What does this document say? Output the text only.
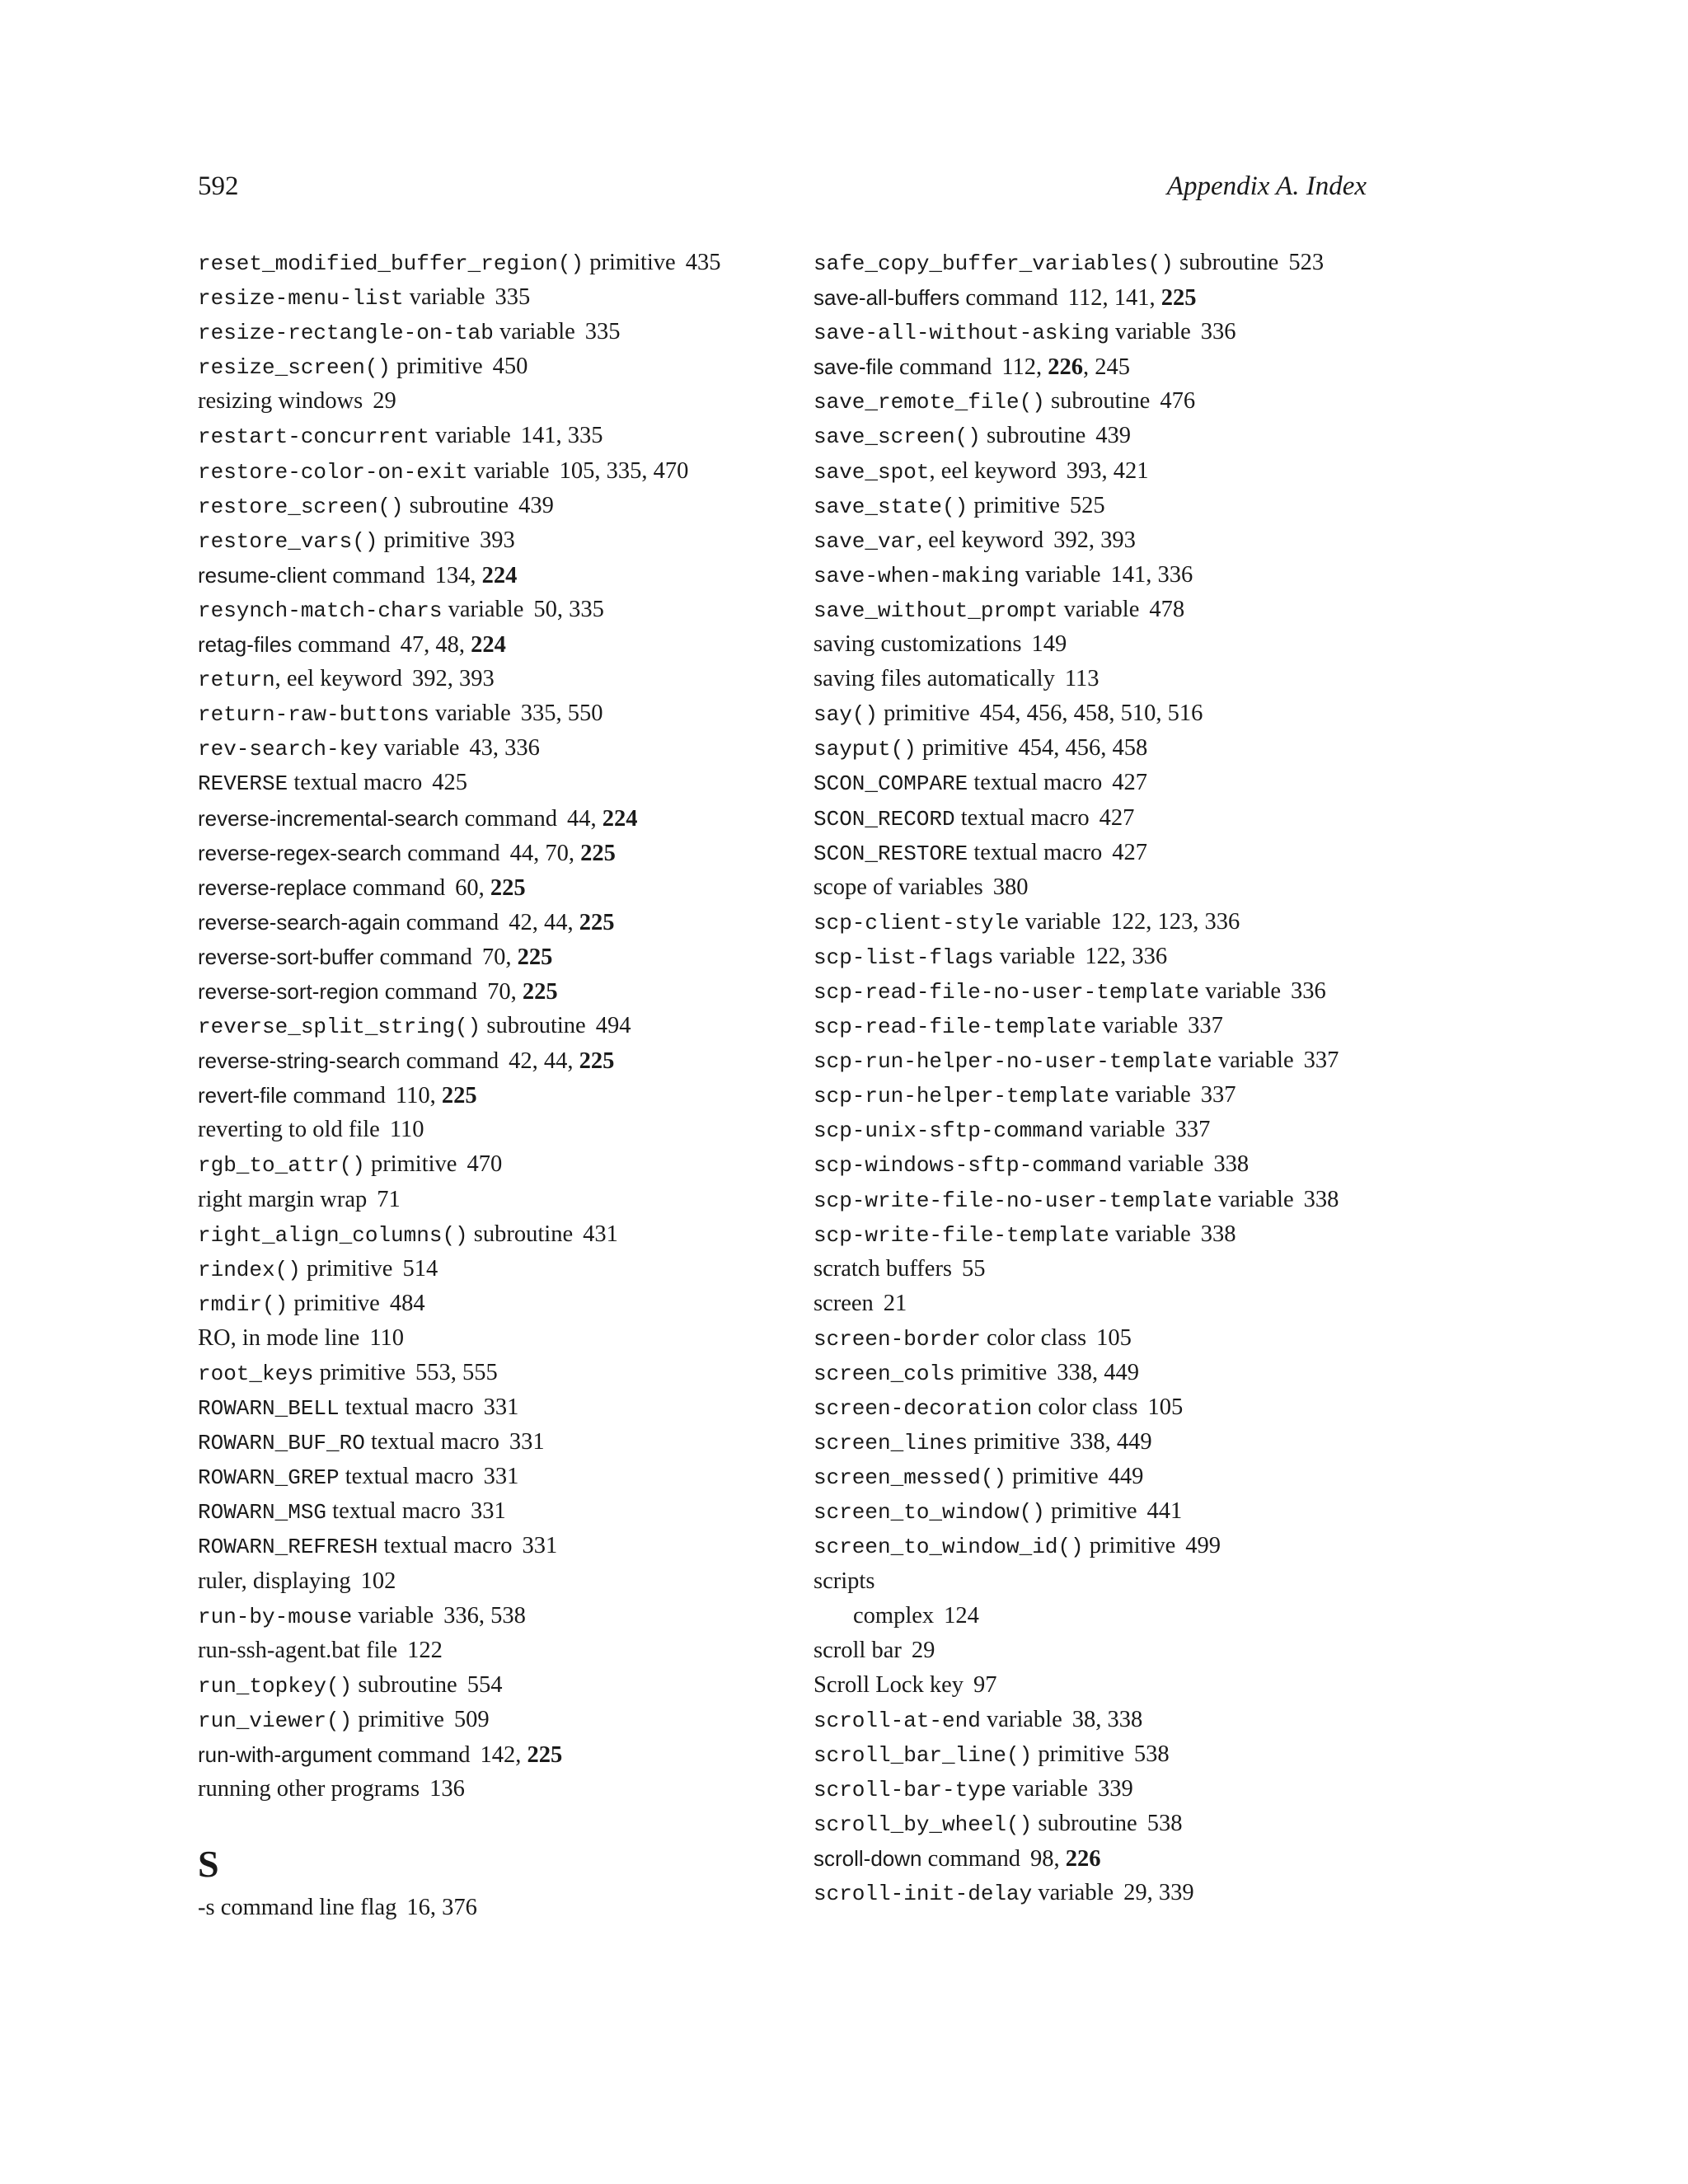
592	Appendix A. Index
reset_modified_buffer_region() primitive 435
resize-menu-list variable 335
resize-rectangle-on-tab variable 335
resize_screen() primitive 450
resizing windows 29
restart-concurrent variable 141, 335
restore-color-on-exit variable 105, 335, 470
restore_screen() subroutine 439
restore_vars() primitive 393
resume-client command 134, 224
resynch-match-chars variable 50, 335
retag-files command 47, 48, 224
return, eel keyword 392, 393
return-raw-buttons variable 335, 550
rev-search-key variable 43, 336
REVERSE textual macro 425
reverse-incremental-search command 44, 224
reverse-regex-search command 44, 70, 225
reverse-replace command 60, 225
reverse-search-again command 42, 44, 225
reverse-sort-buffer command 70, 225
reverse-sort-region command 70, 225
reverse_split_string() subroutine 494
reverse-string-search command 42, 44, 225
revert-file command 110, 225
reverting to old file 110
rgb_to_attr() primitive 470
right margin wrap 71
right_align_columns() subroutine 431
rindex() primitive 514
rmdir() primitive 484
RO, in mode line 110
root_keys primitive 553, 555
ROWARN_BELL textual macro 331
ROWARN_BUF_RO textual macro 331
ROWARN_GREP textual macro 331
ROWARN_MSG textual macro 331
ROWARN_REFRESH textual macro 331
ruler, displaying 102
run-by-mouse variable 336, 538
run-ssh-agent.bat file 122
run_topkey() subroutine 554
run_viewer() primitive 509
run-with-argument command 142, 225
running other programs 136
S
-s command line flag 16, 376
safe_copy_buffer_variables() subroutine 523
save-all-buffers command 112, 141, 225
save-all-without-asking variable 336
save-file command 112, 226, 245
save_remote_file() subroutine 476
save_screen() subroutine 439
save_spot, eel keyword 393, 421
save_state() primitive 525
save_var, eel keyword 392, 393
save-when-making variable 141, 336
save_without_prompt variable 478
saving customizations 149
saving files automatically 113
say() primitive 454, 456, 458, 510, 516
sayput() primitive 454, 456, 458
SCON_COMPARE textual macro 427
SCON_RECORD textual macro 427
SCON_RESTORE textual macro 427
scope of variables 380
scp-client-style variable 122, 123, 336
scp-list-flags variable 122, 336
scp-read-file-no-user-template variable 336
scp-read-file-template variable 337
scp-run-helper-no-user-template variable 337
scp-run-helper-template variable 337
scp-unix-sftp-command variable 337
scp-windows-sftp-command variable 338
scp-write-file-no-user-template variable 338
scp-write-file-template variable 338
scratch buffers 55
screen 21
screen-border color class 105
screen_cols primitive 338, 449
screen-decoration color class 105
screen_lines primitive 338, 449
screen_messed() primitive 449
screen_to_window() primitive 441
screen_to_window_id() primitive 499
scripts
complex 124
scroll bar 29
Scroll Lock key 97
scroll-at-end variable 38, 338
scroll_bar_line() primitive 538
scroll-bar-type variable 339
scroll_by_wheel() subroutine 538
scroll-down command 98, 226
scroll-init-delay variable 29, 339
